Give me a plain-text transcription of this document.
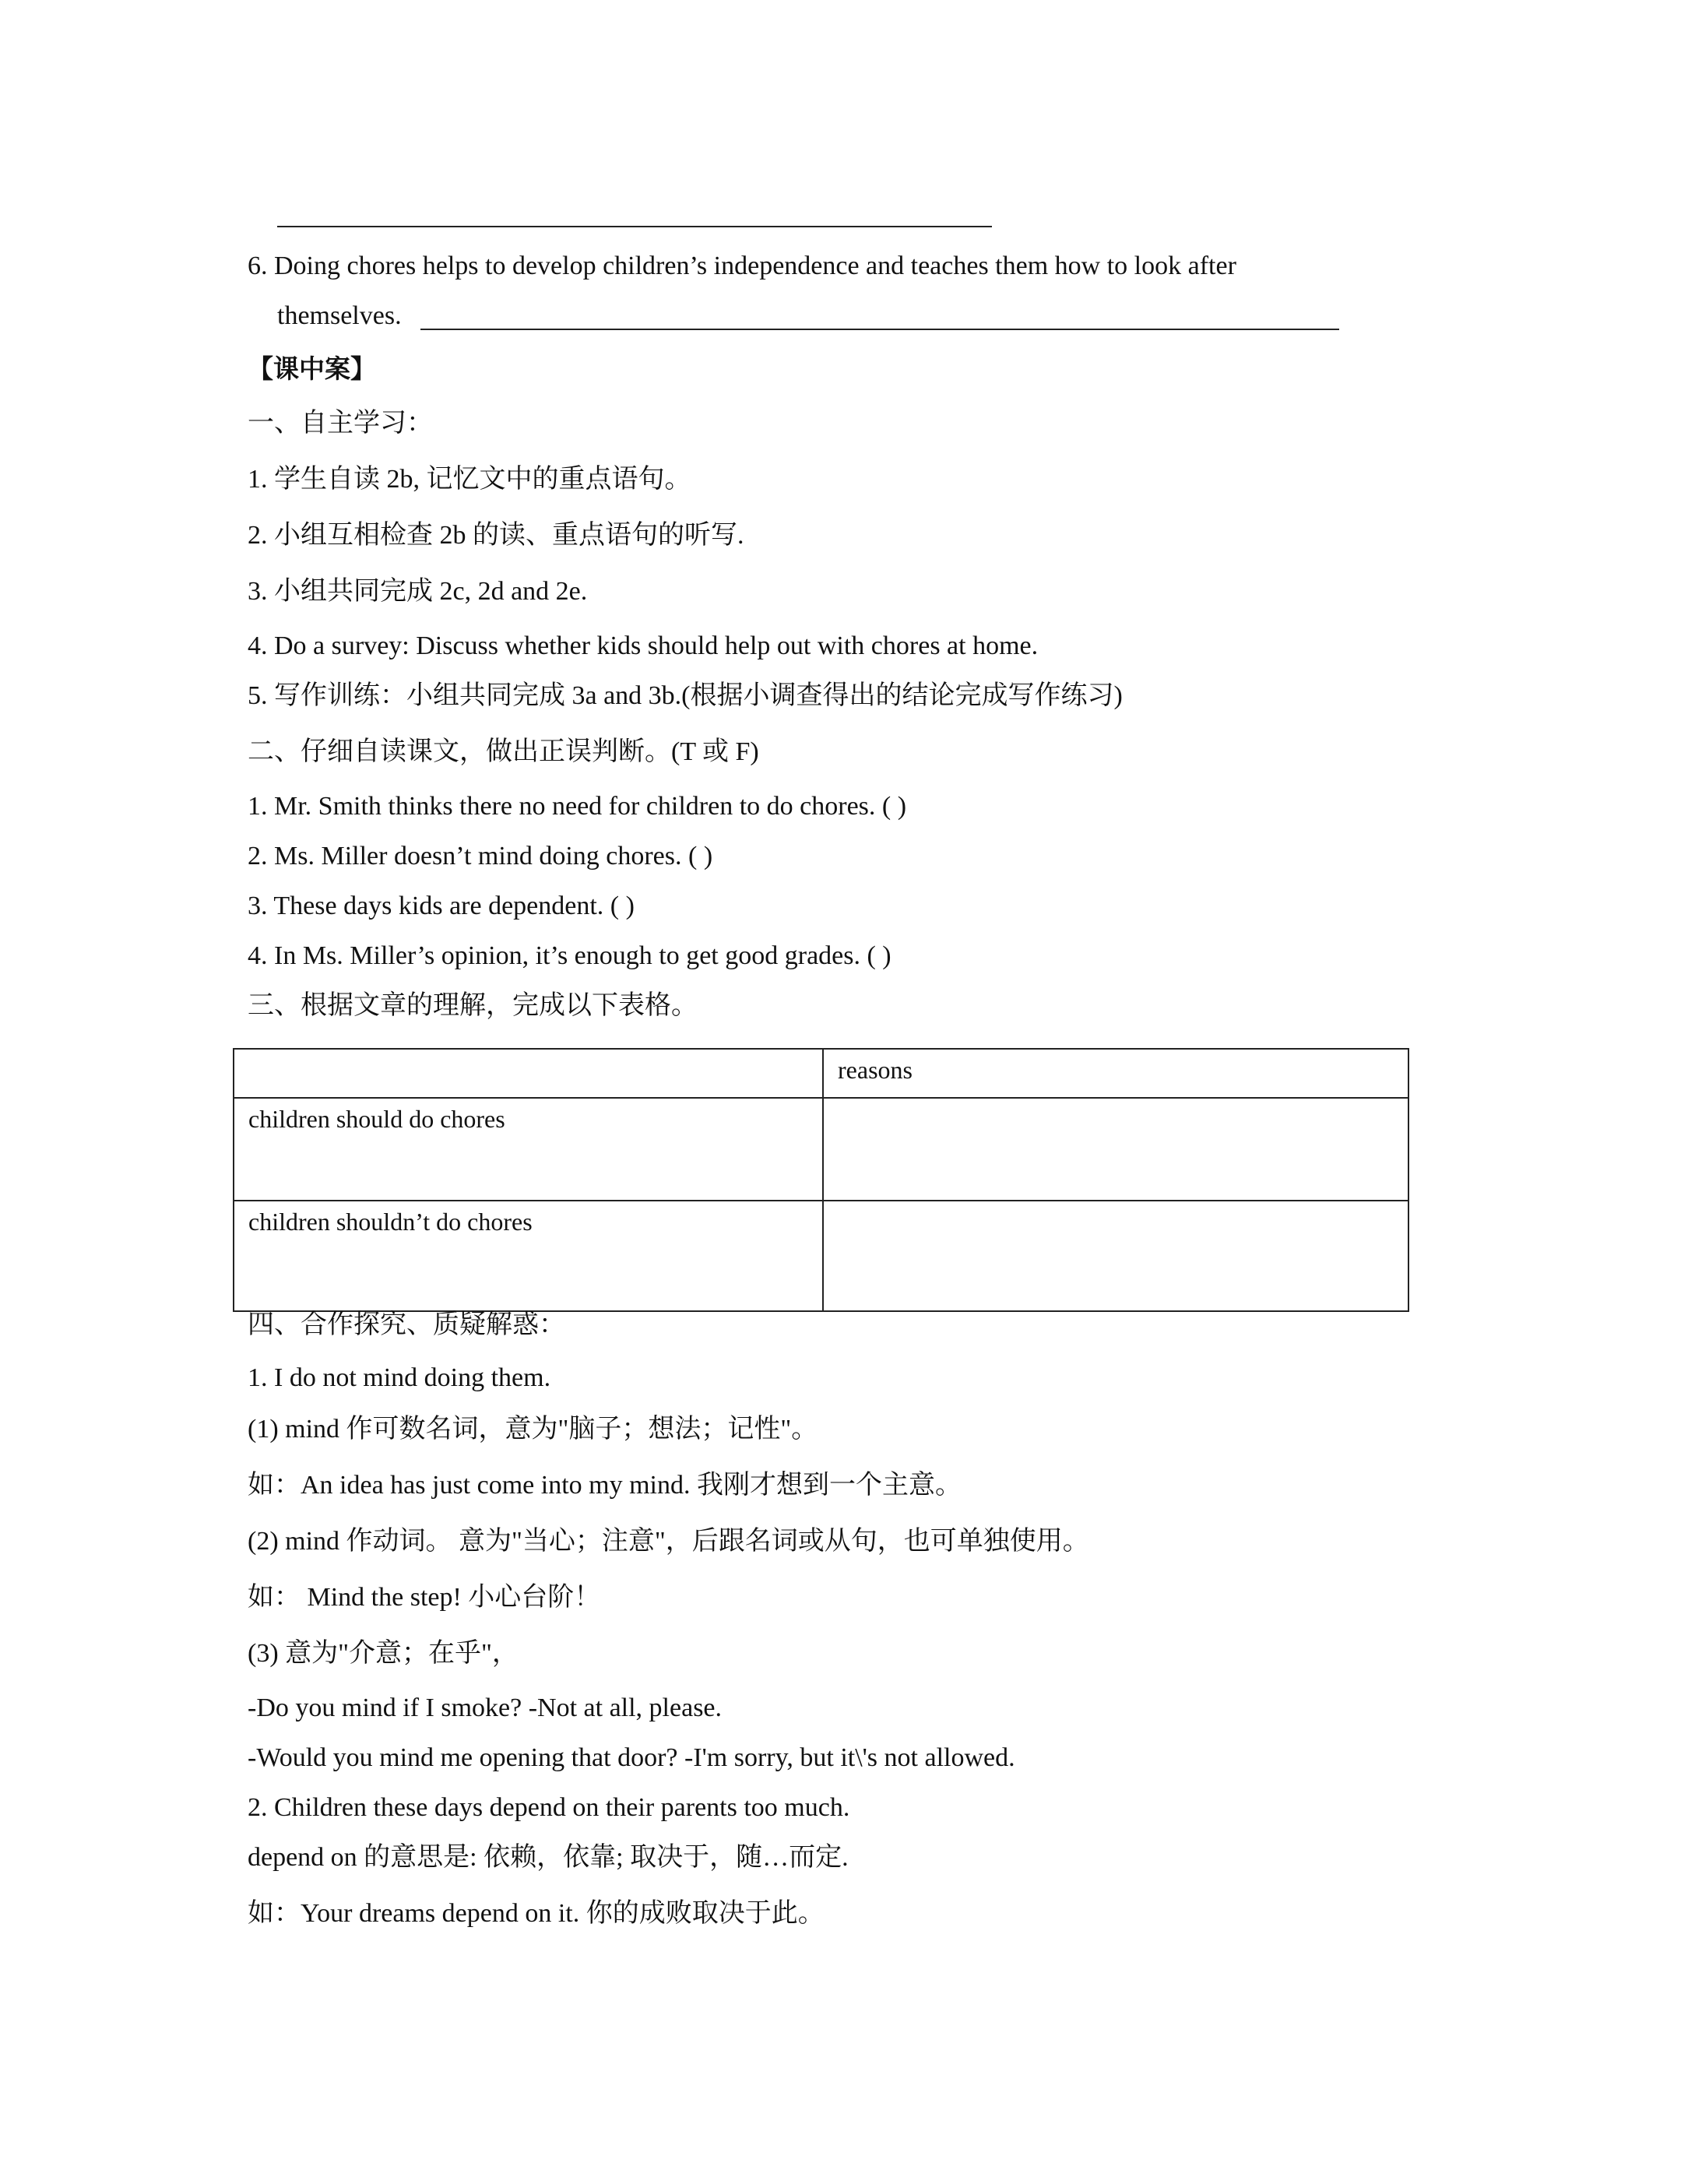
6. Doing chores helps to develop children’s independence and teaches them how to look after
themselves.
【课中案】
一、自主学习：
1. 学生自读 2b, 记忆文中的重点语句。
2. 小组互相检查 2b 的读、重点语句的听写.
3. 小组共同完成 2c, 2d and 2e.
4. Do a survey: Discuss whether kids should help out with chores at home.
5. 写作训练：小组共同完成 3a and 3b.(根据小调查得出的结论完成写作练习)
二、仔细自读课文，做出正误判断。(T 或 F)
1. Mr. Smith thinks there no need for children to do chores. ( )
2. Ms. Miller doesn’t mind doing chores. ( )
3. These days kids are dependent. ( )
4. In Ms. Miller’s opinion, it’s enough to get good grades. ( )
三、根据文章的理解，完成以下表格。
	reasons
children should do chores	
children shouldn’t do chores	
四、合作探究、质疑解惑：
1. I do not mind doing them.
(1) mind 作可数名词，意为"脑子；想法；记性"。
如：An idea has just come into my mind. 我刚才想到一个主意。
(2) mind 作动词。 意为"当心；注意"，后跟名词或从句，也可单独使用。
如： Mind the step! 小心台阶！
(3) 意为"介意；在乎"，
-Do you mind if I smoke? -Not at all, please.
-Would you mind me opening that door? -I'm sorry, but it\'s not allowed.
2. Children these days depend on their parents too much.
depend on 的意思是: 依赖，依靠; 取决于，随…而定.
如：Your dreams depend on it. 你的成败取决于此。
